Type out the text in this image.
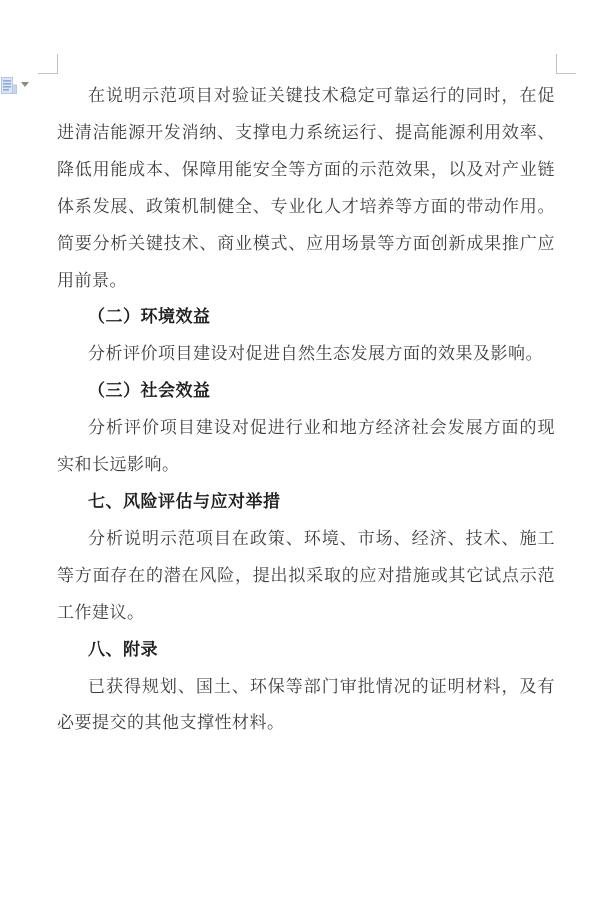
在说明示范项目对验证关键技术稳定可靠运行的同时，在促进清洁能源开发消纳、支撑电力系统运行、提高能源利用效率、降低用能成本、保障用能安全等方面的示范效果，以及对产业链体系发展、政策机制健全、专业化人才培养等方面的带动作用。简要分析关键技术、商业模式、应用场景等方面创新成果推广应用前景。

（二）环境效益

分析评价项目建设对促进自然生态发展方面的效果及影响。

（三）社会效益

分析评价项目建设对促进行业和地方经济社会发展方面的现实和长远影响。

七、风险评估与应对举措

分析说明示范项目在政策、环境、市场、经济、技术、施工等方面存在的潜在风险，提出拟采取的应对措施或其它试点示范工作建议。

八、附录

已获得规划、国土、环保等部门审批情况的证明材料，及有必要提交的其他支撑性材料。
